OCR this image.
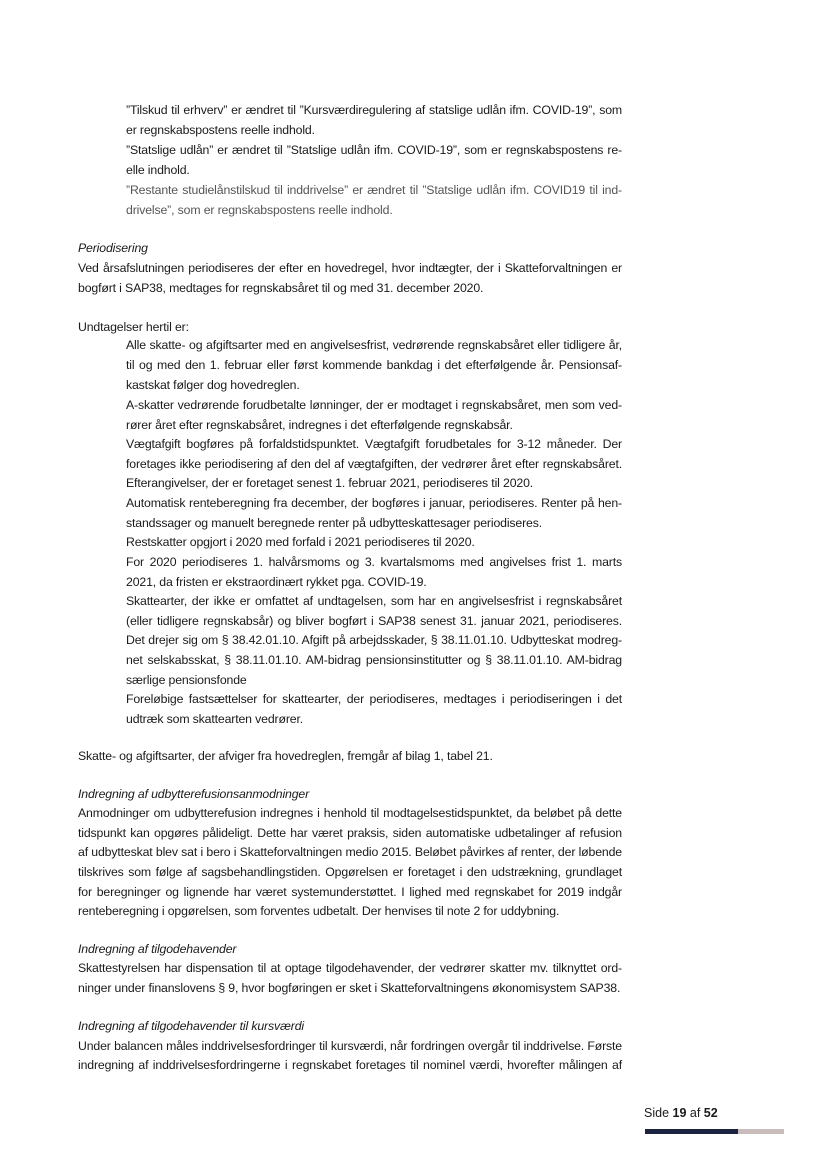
”Tilskud til erhverv” er ændret til ”Kursværdiregulering af statslige udlån ifm. COVID-19”, som
er regnskabspostens reelle indhold.
”Statslige udlån” er ændret til ”Statslige udlån ifm. COVID-19”, som er regnskabspostens re-
elle indhold.
”Restante studielånstilskud til inddrivelse” er ændret til ”Statslige udlån ifm. COVID19 til ind-
drivelse”, som er regnskabspostens reelle indhold.
Periodisering
Ved årsafslutningen periodiseres der efter en hovedregel, hvor indtægter, der i Skatteforvaltningen er
bogført i SAP38, medtages for regnskabsåret til og med 31. december 2020.
Undtagelser hertil er:
Alle skatte- og afgiftsarter med en angivelsesfrist, vedrørende regnskabsåret eller tidligere år,
til og med den 1. februar eller først kommende bankdag i det efterfølgende år. Pensionsaf-
kastskat følger dog hovedreglen.
A-skatter vedrørende forudbetalte lønninger, der er modtaget i regnskabsåret, men som ved-
rører året efter regnskabsåret, indregnes i det efterfølgende regnskabsår.
Vægtafgift bogføres på forfaldstidspunktet. Vægtafgift forudbetales for 3-12 måneder. Der
foretages ikke periodisering af den del af vægtafgiften, der vedrører året efter regnskabsåret.
Efterangivelser, der er foretaget senest 1. februar 2021, periodiseres til 2020.
Automatisk renteberegning fra december, der bogføres i januar, periodiseres. Renter på hen-
standssager og manuelt beregnede renter på udbytteskattesager periodiseres.
Restskatter opgjort i 2020 med forfald i 2021 periodiseres til 2020.
For 2020 periodiseres 1. halvårsmoms og 3. kvartalsmoms med angivelses frist 1. marts
2021, da fristen er ekstraordinært rykket pga. COVID-19.
Skattearter, der ikke er omfattet af undtagelsen, som har en angivelsesfrist i regnskabsåret
(eller tidligere regnskabsår) og bliver bogført i SAP38 senest 31. januar 2021, periodiseres.
Det drejer sig om § 38.42.01.10. Afgift på arbejdsskader, § 38.11.01.10. Udbytteskat modreg-
net selskabsskat, § 38.11.01.10. AM-bidrag pensionsinstitutter og § 38.11.01.10. AM-bidrag
særlige pensionsfonde
Foreløbige fastsættelser for skattearter, der periodiseres, medtages i periodiseringen i det
udtræk som skattearten vedrører.
Skatte- og afgiftsarter, der afviger fra hovedreglen, fremgår af bilag 1, tabel 21.
Indregning af udbytterefusionsanmodninger
Anmodninger om udbytterefusion indregnes i henhold til modtagelsestidspunktet, da beløbet på dette
tidspunkt kan opgøres pålideligt. Dette har været praksis, siden automatiske udbetalinger af refusion
af udbytteskat blev sat i bero i Skatteforvaltningen medio 2015. Beløbet påvirkes af renter, der løbende
tilskrives som følge af sagsbehandlingstiden. Opgørelsen er foretaget i den udstrækning, grundlaget
for beregninger og lignende har været systemunderstøttet. I lighed med regnskabet for 2019 indgår
renteberegning i opgørelsen, som forventes udbetalt. Der henvises til note 2 for uddybning.
Indregning af tilgodehavender
Skattestyrelsen har dispensation til at optage tilgodehavender, der vedrører skatter mv. tilknyttet ord-
ninger under finanslovens § 9, hvor bogføringen er sket i Skatteforvaltningens økonomisystem SAP38.
Indregning af tilgodehavender til kursværdi
Under balancen måles inddrivelsesfordringer til kursværdi, når fordringen overgår til inddrivelse. Første
indregning af inddrivelsesfordringerne i regnskabet foretages til nominel værdi, hvorefter målingen af
Side 19 af 52
